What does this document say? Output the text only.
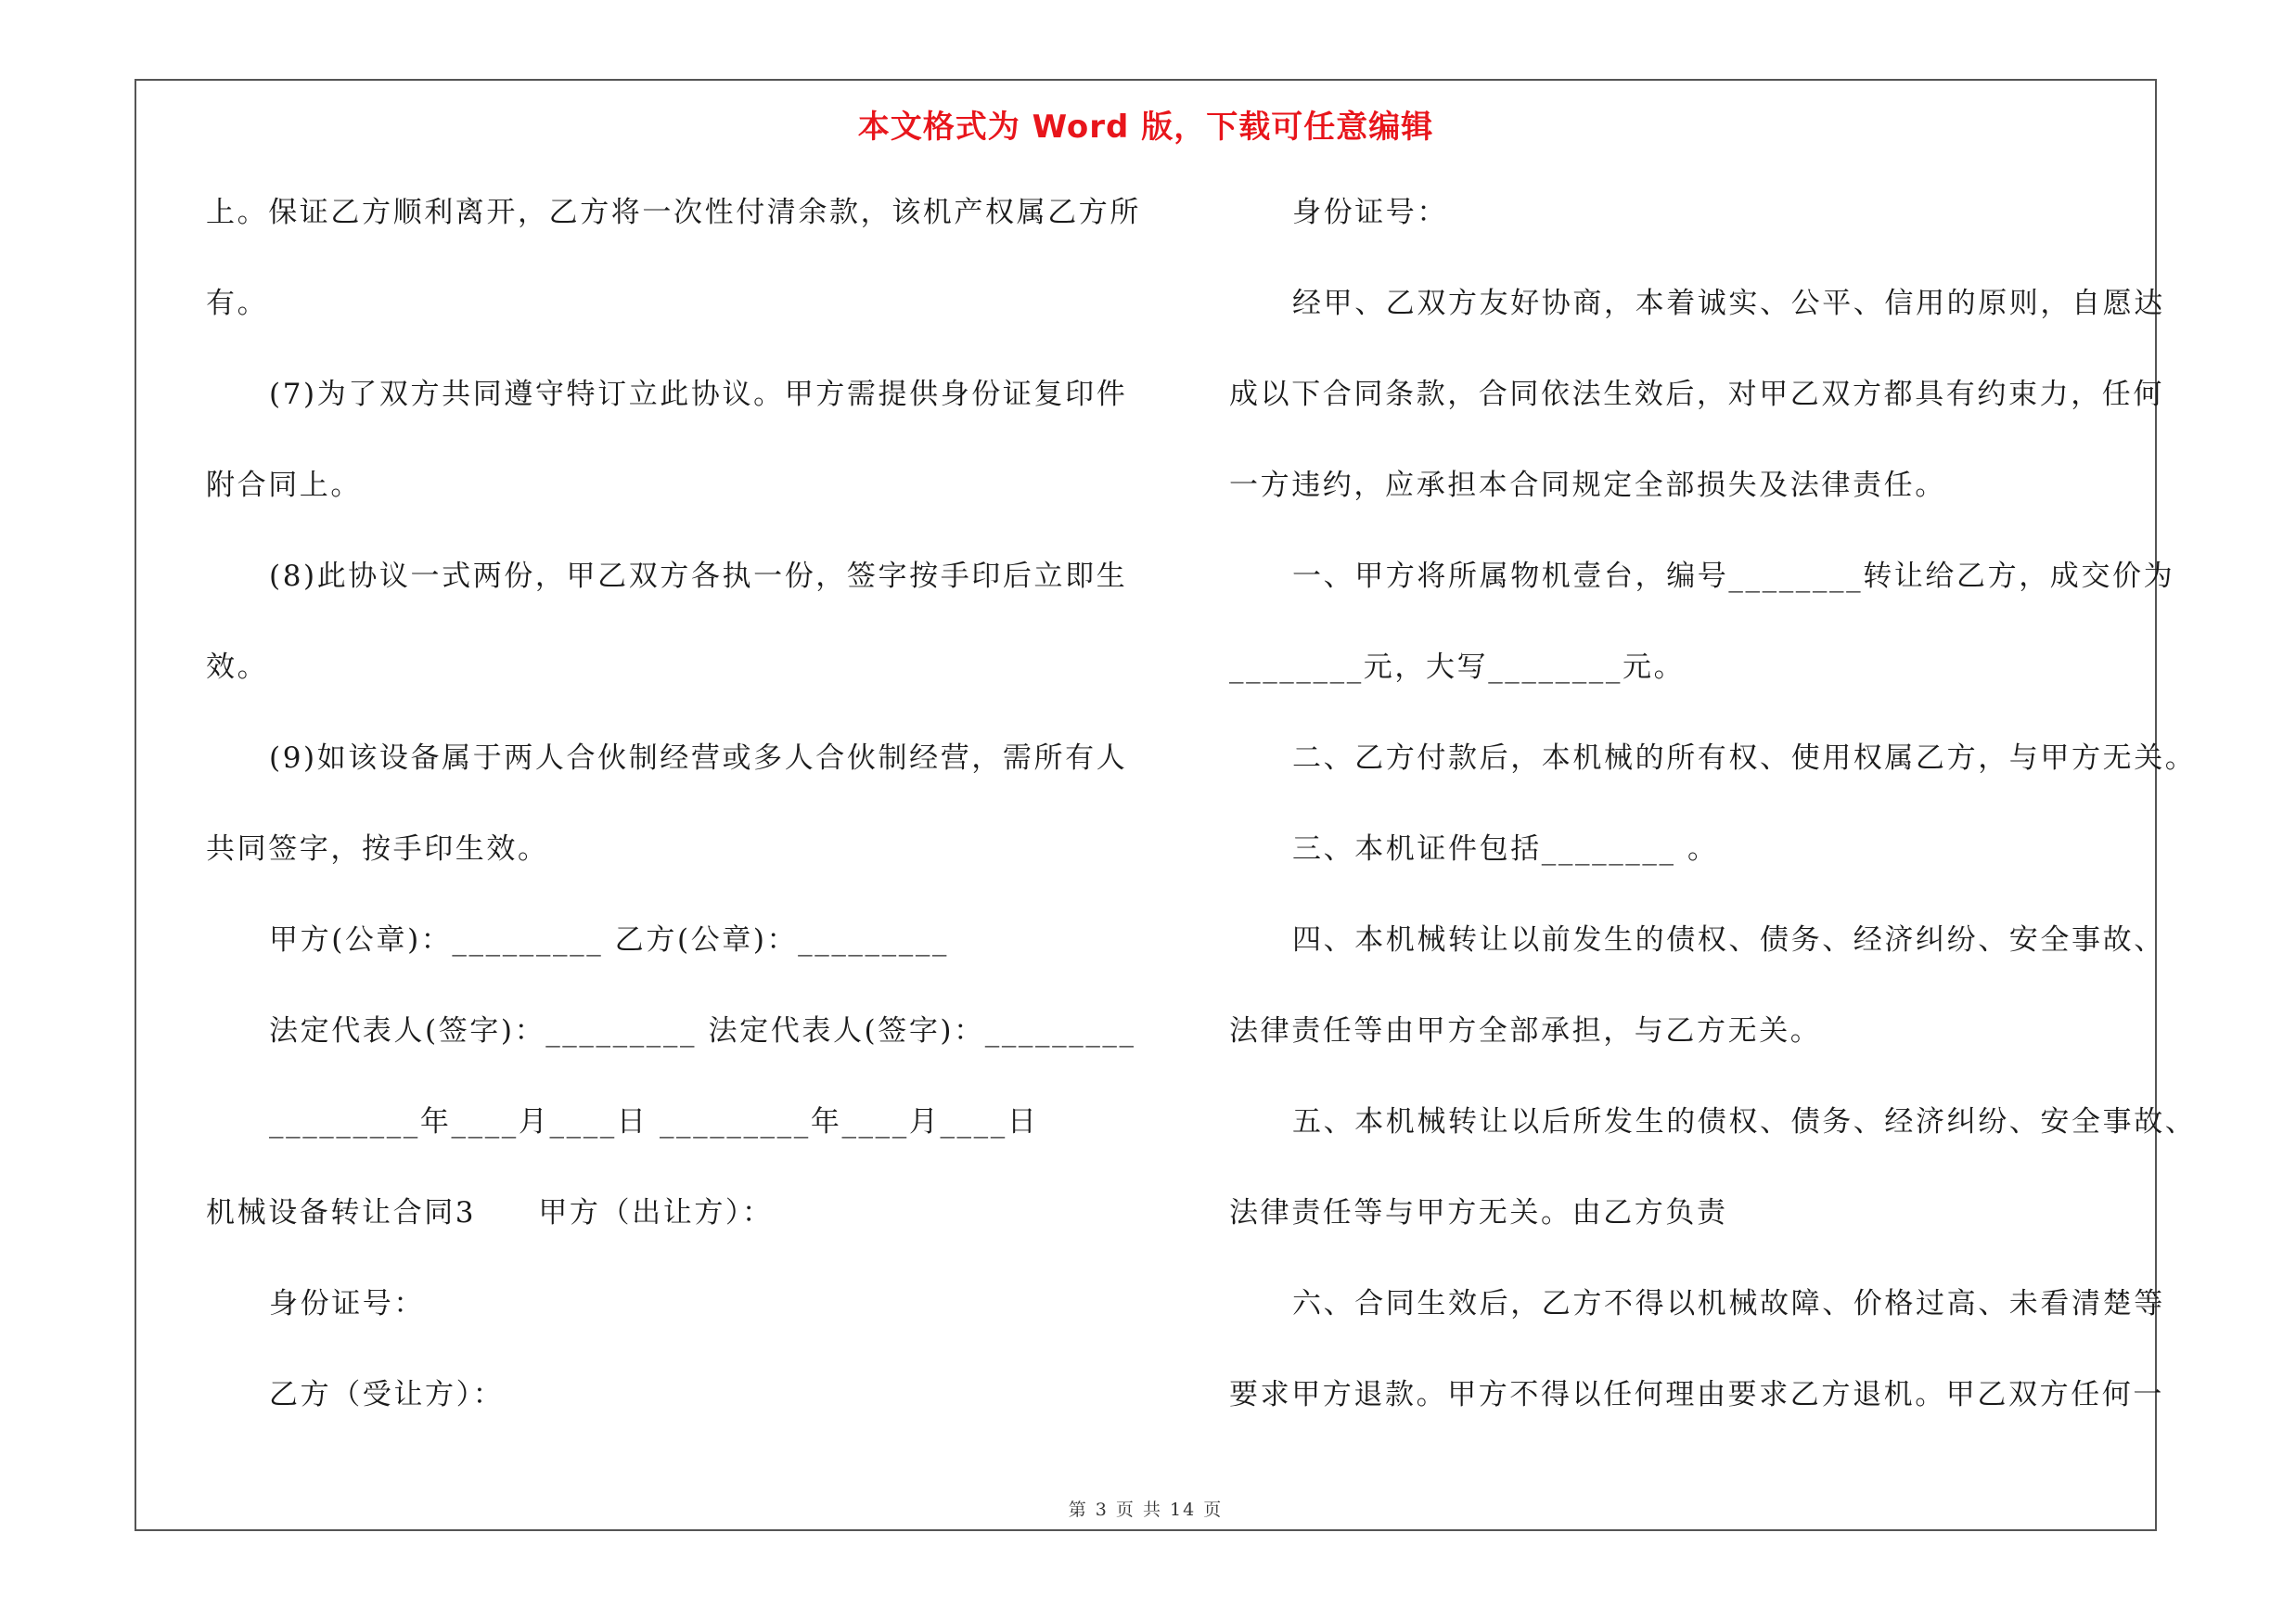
本文格式为 Word 版，下载可任意编辑
上。保证乙方顺利离开，乙方将一次性付清余款，该机产权属乙方所
有。
(7)为了双方共同遵守特订立此协议。甲方需提供身份证复印件
附合同上。
(8)此协议一式两份，甲乙双方各执一份，签字按手印后立即生
效。
(9)如该设备属于两人合伙制经营或多人合伙制经营，需所有人
共同签字，按手印生效。
甲方(公章)：_________ 乙方(公章)：_________
法定代表人(签字)：_________ 法定代表人(签字)：_________
_________年____月____日 _________年____月____日
机械设备转让合同3　　甲方（出让方）：
身份证号：
乙方（受让方）：
身份证号：
经甲、乙双方友好协商，本着诚实、公平、信用的原则，自愿达
成以下合同条款，合同依法生效后，对甲乙双方都具有约束力，任何
一方违约，应承担本合同规定全部损失及法律责任。
一、甲方将所属物机壹台，编号________转让给乙方，成交价为
________元，大写________元。
二、乙方付款后，本机械的所有权、使用权属乙方，与甲方无关。
三、本机证件包括________ 。
四、本机械转让以前发生的债权、债务、经济纠纷、安全事故、
法律责任等由甲方全部承担，与乙方无关。
五、本机械转让以后所发生的债权、债务、经济纠纷、安全事故、
法律责任等与甲方无关。由乙方负责
六、合同生效后，乙方不得以机械故障、价格过高、未看清楚等
要求甲方退款。甲方不得以任何理由要求乙方退机。甲乙双方任何一
第 3 页 共 14 页
